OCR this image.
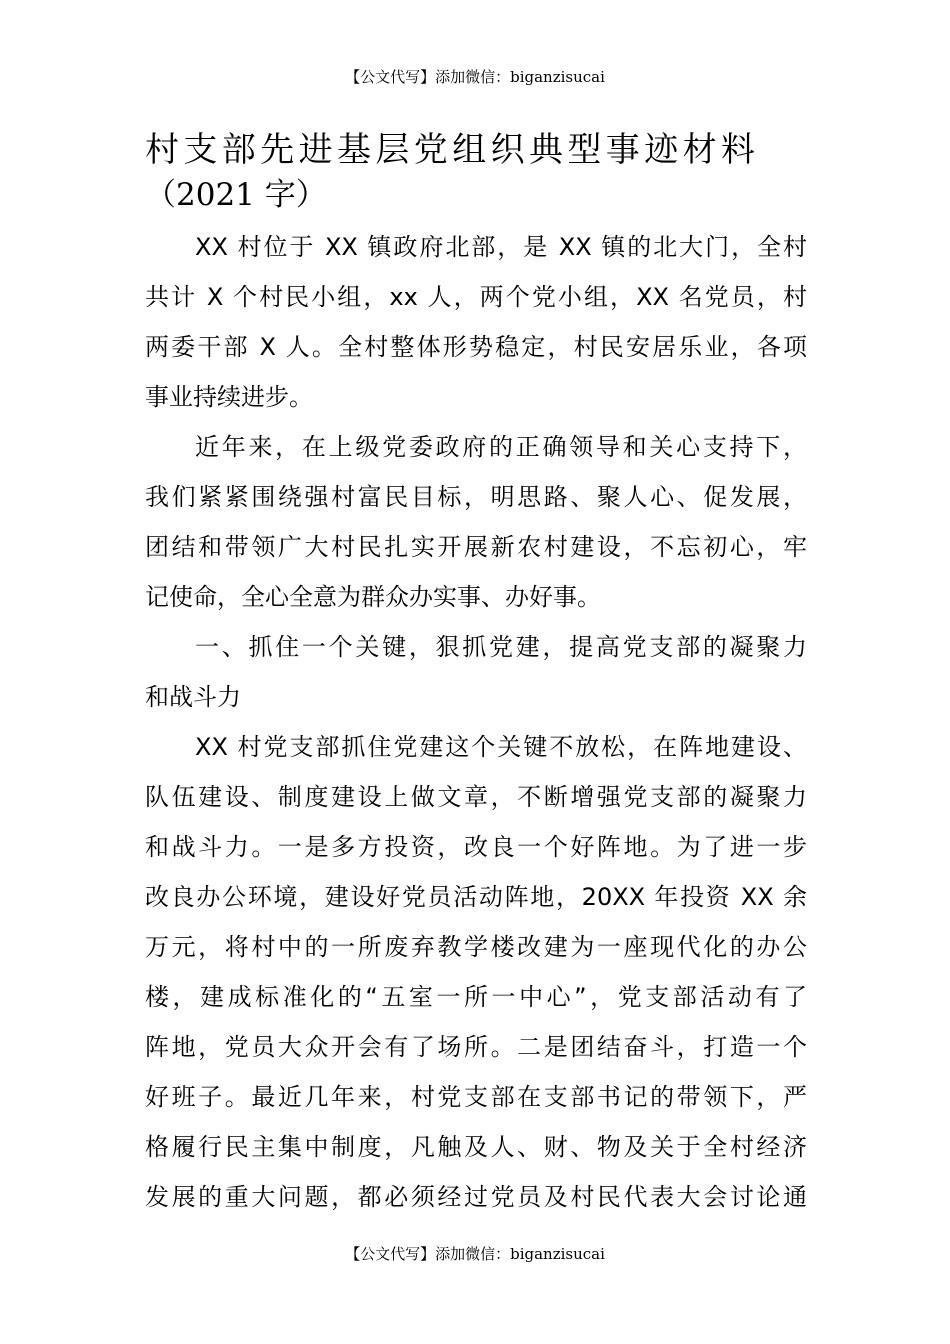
【公文代写】添加微信：biganzisucai
村支部先进基层党组织典型事迹材料
（2021 字）
XX 村位于 XX 镇政府北部，是 XX 镇的北大门，全村
共计 X 个村民小组，xx 人，两个党小组，XX 名党员，村
两委干部 X 人。全村整体形势稳定，村民安居乐业，各项
事业持续进步。
近年来，在上级党委政府的正确领导和关心支持下，
我们紧紧围绕强村富民目标，明思路、聚人心、促发展，
团结和带领广大村民扎实开展新农村建设，不忘初心，牢
记使命，全心全意为群众办实事、办好事。
一、抓住一个关键，狠抓党建，提高党支部的凝聚力
和战斗力
XX 村党支部抓住党建这个关键不放松，在阵地建设、
队伍建设、制度建设上做文章，不断增强党支部的凝聚力
和战斗力。一是多方投资，改良一个好阵地。为了进一步
改良办公环境，建设好党员活动阵地，20XX 年投资 XX 余
万元，将村中的一所废弃教学楼改建为一座现代化的办公
楼，建成标准化的“五室一所一中心”，党支部活动有了
阵地，党员大众开会有了场所。二是团结奋斗，打造一个
好班子。最近几年来，村党支部在支部书记的带领下，严
格履行民主集中制度，凡触及人、财、物及关于全村经济
发展的重大问题，都必须经过党员及村民代表大会讨论通
【公文代写】添加微信：biganzisucai
